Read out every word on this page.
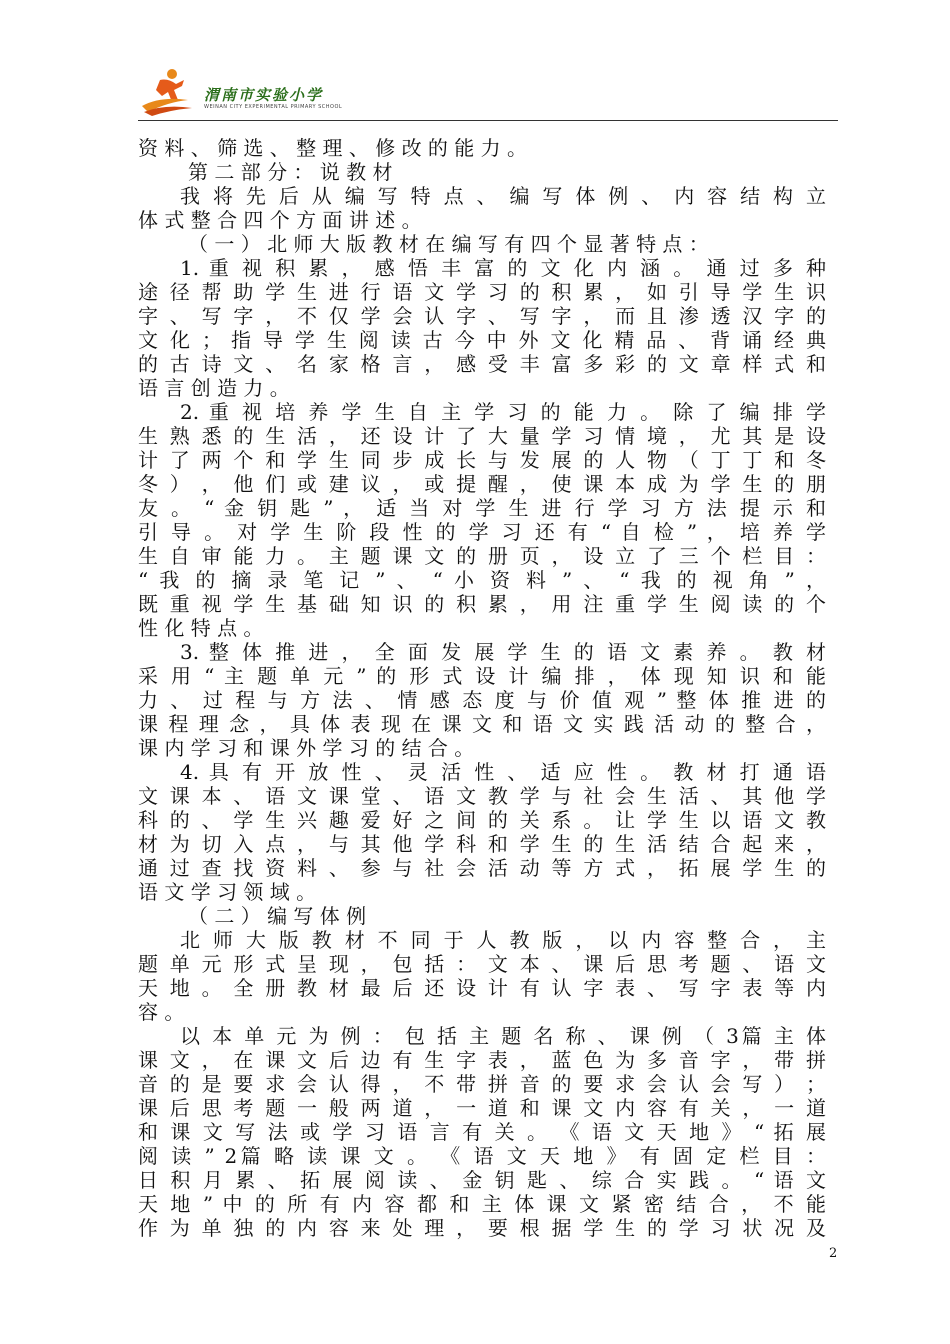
渭南市实验小学
WEINAN CITY EXPERIMENTAL PRIMARY SCHOOL
资 料 、 筛 选 、 整 理 、 修 改 的 能 力 。
第 二 部 分 ： 说 教 材
我 将 先 后 从 编 写 特 点 、 编 写 体 例 、 内 容 结 构 立
体 式 整 合 四 个 方 面 讲 述 。
（ 一 ） 北 师 大 版 教 材 在 编 写 有 四 个 显 著 特 点 ：
1. 重 视 积 累 ， 感 悟 丰 富 的 文 化 内 涵 。 通 过 多 种
途 径 帮 助 学 生 进 行 语 文 学 习 的 积 累 ， 如 引 导 学 生 识
字 、 写 字 ， 不 仅 学 会 认 字 、 写 字 ， 而 且 渗 透 汉 字 的
文 化 ； 指 导 学 生 阅 读 古 今 中 外 文 化 精 品 、 背 诵 经 典
的 古 诗 文 、 名 家 格 言 ， 感 受 丰 富 多 彩 的 文 章 样 式 和
语 言 创 造 力 。
2. 重 视 培 养 学 生 自 主 学 习 的 能 力 。 除 了 编 排 学
生 熟 悉 的 生 活 ， 还 设 计 了 大 量 学 习 情 境 ， 尤 其 是 设
计 了 两 个 和 学 生 同 步 成 长 与 发 展 的 人 物 （ 丁 丁 和 冬
冬 ） ， 他 们 或 建 议 ， 或 提 醒 ， 使 课 本 成 为 学 生 的 朋
友 。 “ 金 钥 匙 ” ， 适 当 对 学 生 进 行 学 习 方 法 提 示 和
引 导 。 对 学 生 阶 段 性 的 学 习 还 有 “ 自 检 ” ， 培 养 学
生 自 审 能 力 。 主 题 课 文 的 册 页 ， 设 立 了 三 个 栏 目 ：
“ 我 的 摘 录 笔 记 ” 、 “ 小 资 料 ” 、 “ 我 的 视 角 ” ，
既 重 视 学 生 基 础 知 识 的 积 累 ， 用 注 重 学 生 阅 读 的 个
性 化 特 点 。
3. 整 体 推 进 ， 全 面 发 展 学 生 的 语 文 素 养 。 教 材
采 用 “ 主 题 单 元 ” 的 形 式 设 计 编 排 ， 体 现 知 识 和 能
力 、 过 程 与 方 法 、 情 感 态 度 与 价 值 观 ” 整 体 推 进 的
课 程 理 念 ， 具 体 表 现 在 课 文 和 语 文 实 践 活 动 的 整 合 ，
课 内 学 习 和 课 外 学 习 的 结 合 。
4. 具 有 开 放 性 、 灵 活 性 、 适 应 性 。 教 材 打 通 语
文 课 本 、 语 文 课 堂 、 语 文 教 学 与 社 会 生 活 、 其 他 学
科 的 、 学 生 兴 趣 爱 好 之 间 的 关 系 。 让 学 生 以 语 文 教
材 为 切 入 点 ， 与 其 他 学 科 和 学 生 的 生 活 结 合 起 来 ，
通 过 查 找 资 料 、 参 与 社 会 活 动 等 方 式 ， 拓 展 学 生 的
语 文 学 习 领 域 。
（ 二 ） 编 写 体 例
北 师 大 版 教 材 不 同 于 人 教 版 ， 以 内 容 整 合 ， 主
题 单 元 形 式 呈 现 ， 包 括 ： 文 本 、 课 后 思 考 题 、 语 文
天 地 。 全 册 教 材 最 后 还 设 计 有 认 字 表 、 写 字 表 等 内
容 。
以 本 单 元 为 例 ： 包 括 主 题 名 称 、 课 例 （ 3篇 主 体
课 文 ， 在 课 文 后 边 有 生 字 表 ， 蓝 色 为 多 音 字 ， 带 拼
音 的 是 要 求 会 认 得 ， 不 带 拼 音 的 要 求 会 认 会 写 ） ；
课 后 思 考 题 一 般 两 道 ， 一 道 和 课 文 内 容 有 关 ， 一 道
和 课 文 写 法 或 学 习 语 言 有 关 。 《 语 文 天 地 》 “ 拓 展
阅 读 ” 2篇 略 读 课 文 。 《 语 文 天 地 》 有 固 定 栏 目 ：
日 积 月 累 、 拓 展 阅 读 、 金 钥 匙 、 综 合 实 践 。 “ 语 文
天 地 ” 中 的 所 有 内 容 都 和 主 体 课 文 紧 密 结 合 ， 不 能
作 为 单 独 的 内 容 来 处 理 ， 要 根 据 学 生 的 学 习 状 况 及
2
